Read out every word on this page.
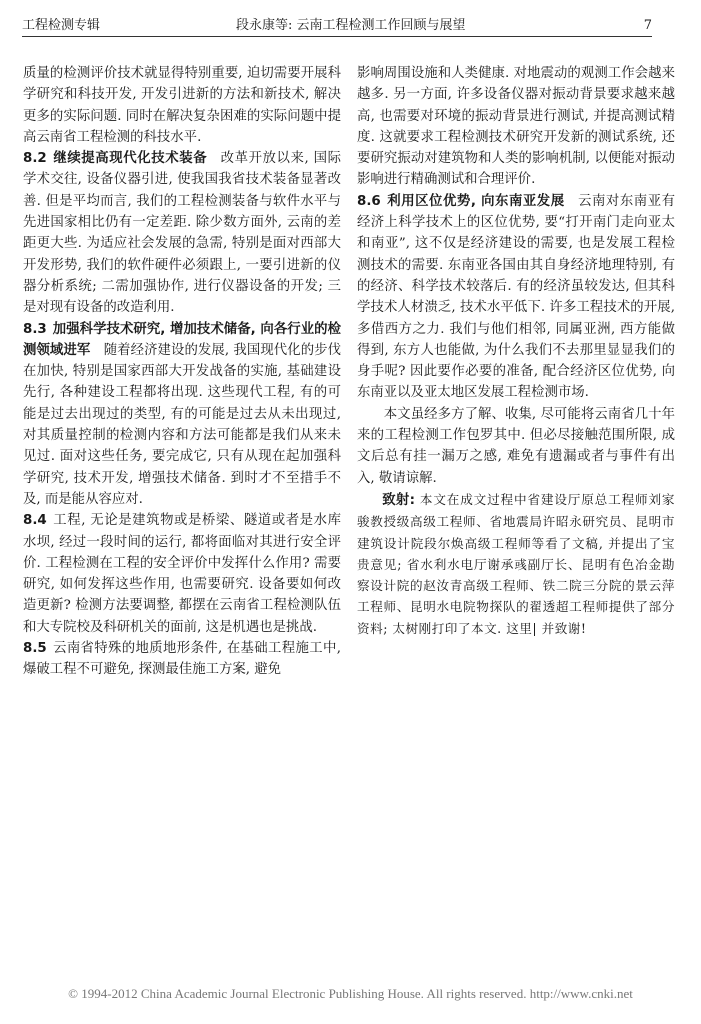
工程检测专辑	段永康等: 云南工程检测工作回顾与展望	7

质量的检测评价技术就显得特别重要, 迫切需要开展科学研究和科技开发, 开发引进新的方法和新技术, 解决更多的实际问题. 同时在解决复杂困难的实际问题中提高云南省工程检测的科技水平.

8.2 继续提高现代化技术装备 改革开放以来, 国际学术交往, 设备仪器引进, 使我国我省技术装备显著改善. 但是平均而言, 我们的工程检测装备与软件水平与先进国家相比仍有一定差距. 除少数方面外, 云南的差距更大些. 为适应社会发展的急需, 特别是面对西部大开发形势, 我们的软件硬件必须跟上, 一要引进新的仪器分析系统; 二需加强协作, 进行仪器设备的开发; 三是对现有设备的改造利用.

8.3 加强科学技术研究, 增加技术储备, 向各行业的检测领域进军 随着经济建设的发展, 我国现代化的步伐在加快, 特别是国家西部大开发战备的实施, 基础建设先行, 各种建设工程都将出现. 这些现代工程, 有的可能是过去出现过的类型, 有的可能是过去从未出现过, 对其质量控制的检测内容和方法可能都是我们从来未见过. 面对这些任务, 要完成它, 只有从现在起加强科学研究, 技术开发, 增强技术储备. 到时才不至措手不及, 而是能从容应对.

8.4 工程, 无论是建筑物或是桥梁、隧道或者是水库水坝, 经过一段时间的运行, 都将面临对其进行安全评价. 工程检测在工程的安全评价中发挥什么作用? 需要研究, 如何发挥这些作用, 也需要研究. 设备要如何改造更新? 检测方法要调整, 都摆在云南省工程检测队伍和大专院校及科研机关的面前, 这是机遇也是挑战.

8.5 云南省特殊的地质地形条件, 在基础工程施工中, 爆破工程不可避免, 探测最佳施工方案, 避免

影响周围设施和人类健康. 对地震动的观测工作会越来越多. 另一方面, 许多设备仪器对振动背景要求越来越高, 也需要对环境的振动背景进行测试, 并提高测试精度. 这就要求工程检测技术研究开发新的测试系统, 还要研究振动对建筑物和人类的影响机制, 以便能对振动影响进行精确测试和合理评价.

8.6 利用区位优势, 向东南亚发展 云南对东南亚有经济上科学技术上的区位优势, 要“打开南门走向亚太和南亚”, 这不仅是经济建设的需要, 也是发展工程检测技术的需要. 东南亚各国由其自身经济地理特别, 有的经济、科学技术较落后. 有的经济虽较发达, 但其科学技术人材溃乏, 技术水平低下. 许多工程技术的开展, 多借西方之力. 我们与他们相邻, 同属亚洲, 西方能做得到, 东方人也能做, 为什么我们不去那里显显我们的身手呢? 因此要作必要的准备, 配合经济区位优势, 向东南亚以及亚太地区发展工程检测市场.

本文虽经多方了解、收集, 尽可能将云南省几十年来的工程检测工作包罗其中. 但必尽接触范围所限, 成文后总有挂一漏万之感, 难免有遗漏或者与事件有出入, 敬请谅解.

致射: 本文在成文过程中省建设厅原总工程师刘家骏教授级高级工程师、省地震局许昭永研究员、昆明市建筑设计院段尔焕高级工程师等看了文稿, 并提出了宝贵意见; 省水利水电厅谢承彧副厅长、昆明有色冶金勘察设计院的赵汝青高级工程师、铁二院三分院的景云萍工程师、昆明水电院物探队的翟透超工程师提供了部分资料; 太树刚打印了本文. 这里| 并致谢!

© 1994-2012 China Academic Journal Electronic Publishing House. All rights reserved. http://www.cnki.net
